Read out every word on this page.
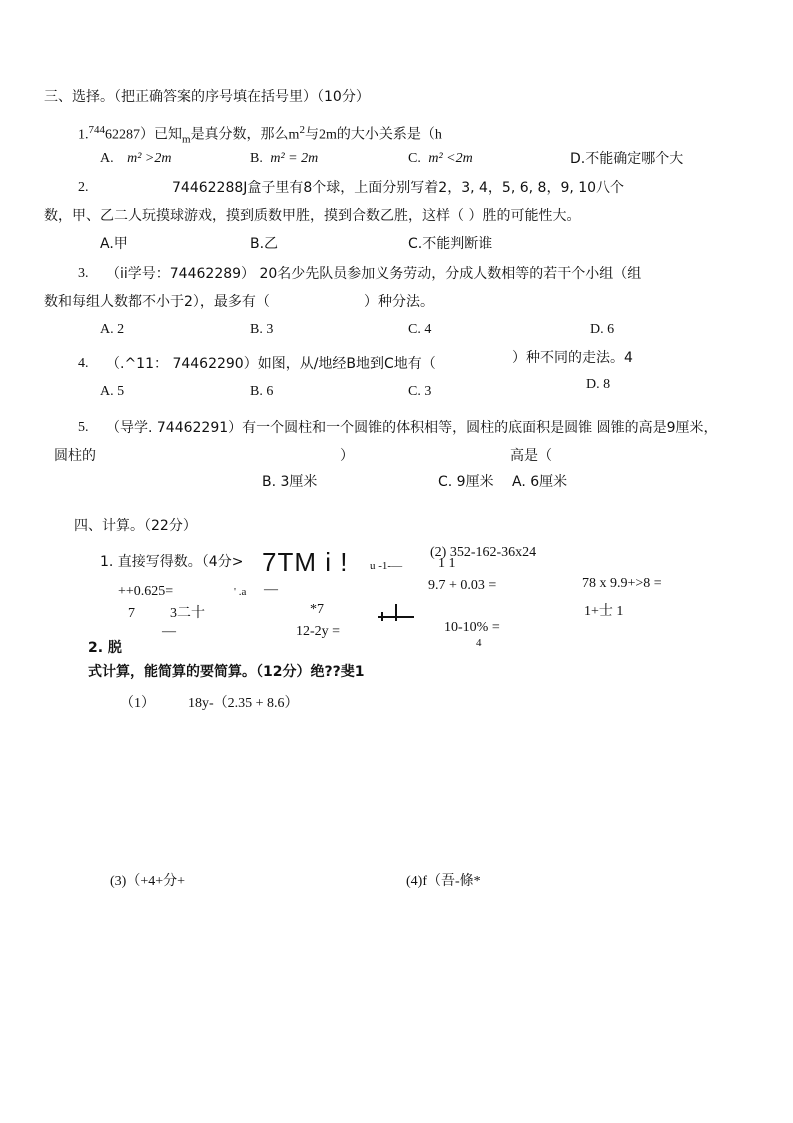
三、选择。（把正确答案的序号填在括号里）（10分）
1.$^{744}$62287）已知$_m$是真分数，那么$m^2$与2m的大小关系是（h
A. m² >2m	B. m² = 2m	C. m² <2m	D.不能确定哪个大
2.	74462288J盒子里有8个球，上面分别写着2，3, 4，5, 6, 8，9, 10八个
数，甲、乙二人玩摸球游戏，摸到质数甲胜，摸到合数乙胜，这样（ ）胜的可能性大。
A.甲	B.乙	C.不能判断谁
3. （ii学号：74462289） 20名少先队员参加义务劳动，分成人数相等的若干个小组（组
数和每组人数都不小于2），最多有（	）种分法。
A. 2	B. 3	C. 4	D. 6
4. （.^11： 74462290）如图，从/地经B地到C地有（	）种不同的走法。4
A. 5	B. 6	C. 3	D. 8
5. （导学. 74462291）有一个圆柱和一个圆锥的体积相等，圆柱的底面积是圆锥 圆锥的高是9厘米，
圆柱的	）	高是（
B. 3厘米	C. 9厘米 A. 6厘米
四、计算。（22分）
1. 直接写得数。（4分> 7TM i ! u -1-—
(2) 352-162-36x24
1 1
++0.625=	' .a —	9.7 + 0.03 =	78 x 9.9+>8 =
7	3二十	*7	1+士 1
—	12-2y =	10-10% =
4
2. 脱
式计算，能简算的要简算。（12分）绝??斐1
（1） 18y-（2.35 + 8.6）
(3)（+4+分+	(4)f（吾-條*
